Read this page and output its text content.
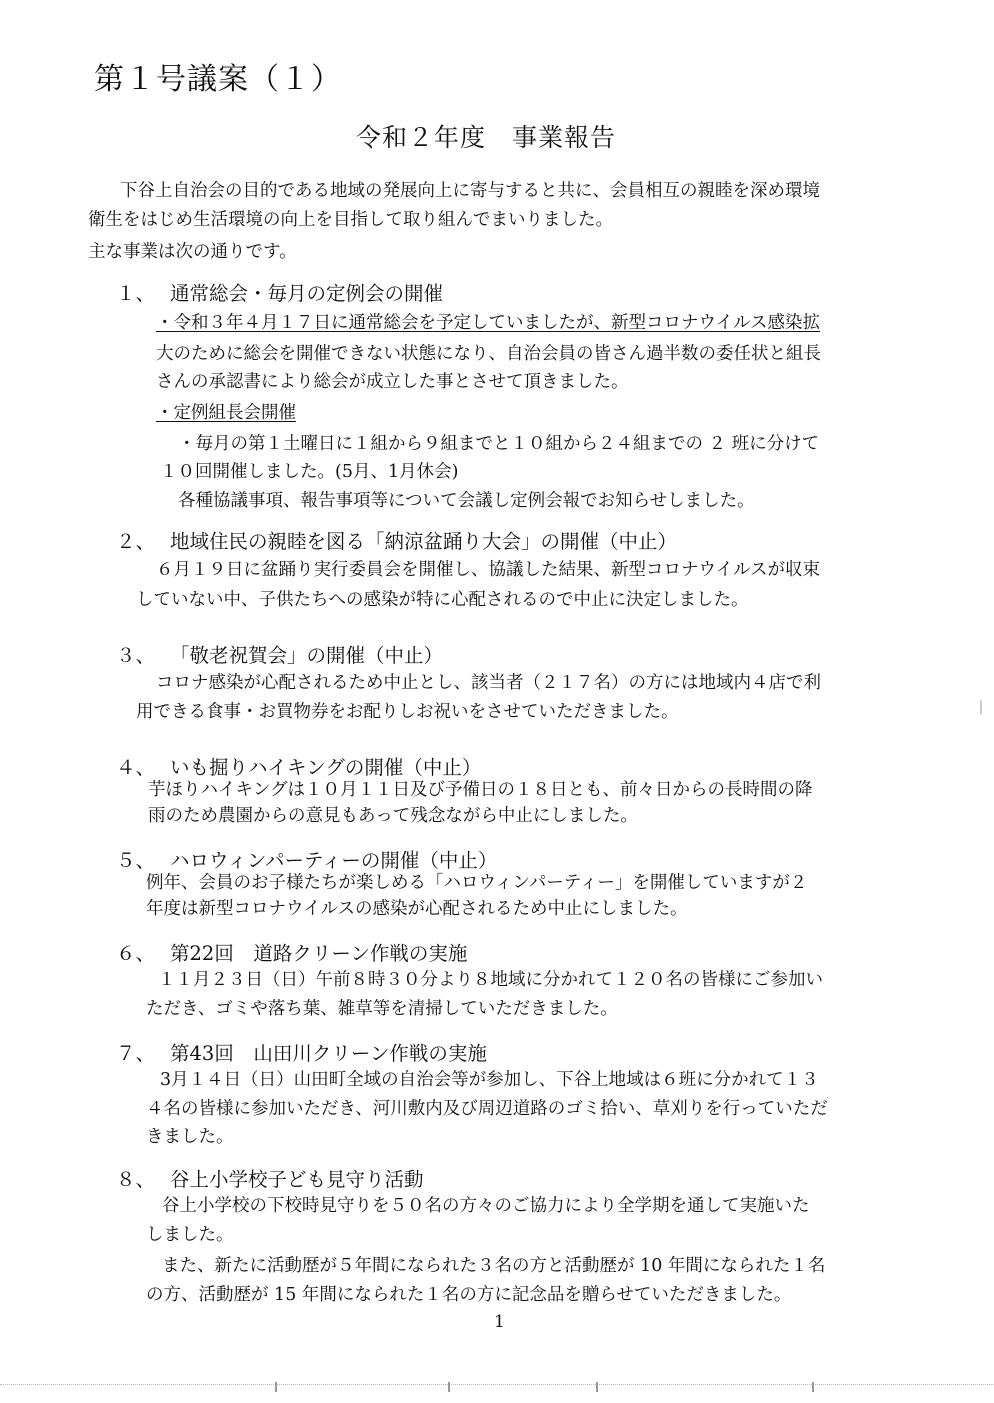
第１号議案（１）
令和２年度　事業報告
下谷上自治会の目的である地域の発展向上に寄与すると共に、会員相互の親睦を深め環境
衛生をはじめ生活環境の向上を目指して取り組んでまいりました。
主な事業は次の通りです。
１、 通常総会・毎月の定例会の開催
・令和３年４月１７日に通常総会を予定していましたが、新型コロナウイルス感染拡
大のために総会を開催できない状態になり、自治会員の皆さん過半数の委任状と組長
さんの承認書により総会が成立した事とさせて頂きました。
・定例組長会開催
・毎月の第１土曜日に１組から９組までと１０組から２４組までの ２ 班に分けて
１０回開催しました。(5月、1月休会)
各種協議事項、報告事項等について会議し定例会報でお知らせしました。
２、 地域住民の親睦を図る「納涼盆踊り大会」の開催（中止）
６月１９日に盆踊り実行委員会を開催し、協議した結果、新型コロナウイルスが収束
していない中、子供たちへの感染が特に心配されるので中止に決定しました。
３、 「敬老祝賀会」の開催（中止）
コロナ感染が心配されるため中止とし、該当者（２１７名）の方には地域内４店で利
用できる食事・お買物券をお配りしお祝いをさせていただきました。
４、 いも掘りハイキングの開催（中止）
芋ほりハイキングは１０月１１日及び予備日の１８日とも、前々日からの長時間の降
雨のため農園からの意見もあって残念ながら中止にしました。
５、 ハロウィンパーティーの開催（中止）
例年、会員のお子様たちが楽しめる「ハロウィンパーティー」を開催していますが２
年度は新型コロナウイルスの感染が心配されるため中止にしました。
６、 第22回　道路クリーン作戦の実施
１１月２３日（日）午前８時３０分より８地域に分かれて１２０名の皆様にご参加い
ただき、ゴミや落ち葉、雑草等を清掃していただきました。
７、 第43回　山田川クリーン作戦の実施
3月１４日（日）山田町全域の自治会等が参加し、下谷上地域は６班に分かれて１３
４名の皆様に参加いただき、河川敷内及び周辺道路のゴミ拾い、草刈りを行っていただ
きました。
８、 谷上小学校子ども見守り活動
谷上小学校の下校時見守りを５０名の方々のご協力により全学期を通して実施いた
しました。
また、新たに活動歴が５年間になられた３名の方と活動歴が 10 年間になられた１名
の方、活動歴が 15 年間になられた１名の方に記念品を贈らせていただきました。
1
